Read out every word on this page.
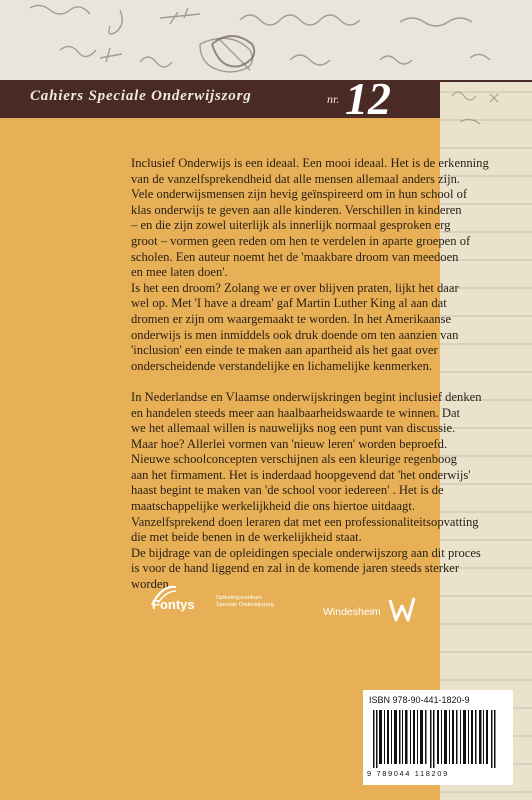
Cahiers Speciale Onderwijszorg	nr. 12

Inclusief Onderwijs is een ideaal. Een mooi ideaal. Het is de erkenning
van de vanzelfsprekendheid dat alle mensen allemaal anders zijn.
Vele onderwijsmensen zijn hevig geïnspireerd om in hun school of
klas onderwijs te geven aan alle kinderen. Verschillen in kinderen
– en die zijn zowel uiterlijk als innerlijk normaal gesproken erg
groot – vormen geen reden om hen te verdelen in aparte groepen of
scholen. Een auteur noemt het de 'maakbare droom van meedoen
en mee laten doen'.
Is het een droom? Zolang we er over blijven praten, lijkt het daar
wel op. Met 'I have a dream' gaf Martin Luther King al aan dat
dromen er zijn om waargemaakt te worden. In het Amerikaanse
onderwijs is men inmiddels ook druk doende om ten aanzien van
'inclusion' een einde te maken aan apartheid als het gaat over
onderscheidende verstandelijke en lichamelijke kenmerken.

In Nederlandse en Vlaamse onderwijskringen begint inclusief denken
en handelen steeds meer aan haalbaarheidswaarde te winnen. Dat
we het allemaal willen is nauwelijks nog een punt van discussie.
Maar hoe? Allerlei vormen van 'nieuw leren' worden beproefd.
Nieuwe schoolconcepten verschijnen als een kleurige regenboog
aan het firmament. Het is inderdaad hoopgevend dat 'het onderwijs'
haast begint te maken van 'de school voor iedereen' . Het is de
maatschappelijke werkelijkheid die ons hiertoe uitdaagt.
Vanzelfsprekend doen leraren dat met een professionaliteitsopvatting
die met beide benen in de werkelijkheid staat.
De bijdrage van de opleidingen speciale onderwijszorg aan dit proces
is voor de hand liggend en zal in de komende jaren steeds sterker
worden.

Fontys	Opleidingscentrum
Speciale Onderwijszorg
Windesheim
ISBN 978-90-441-1820-9
9 789044 118209
